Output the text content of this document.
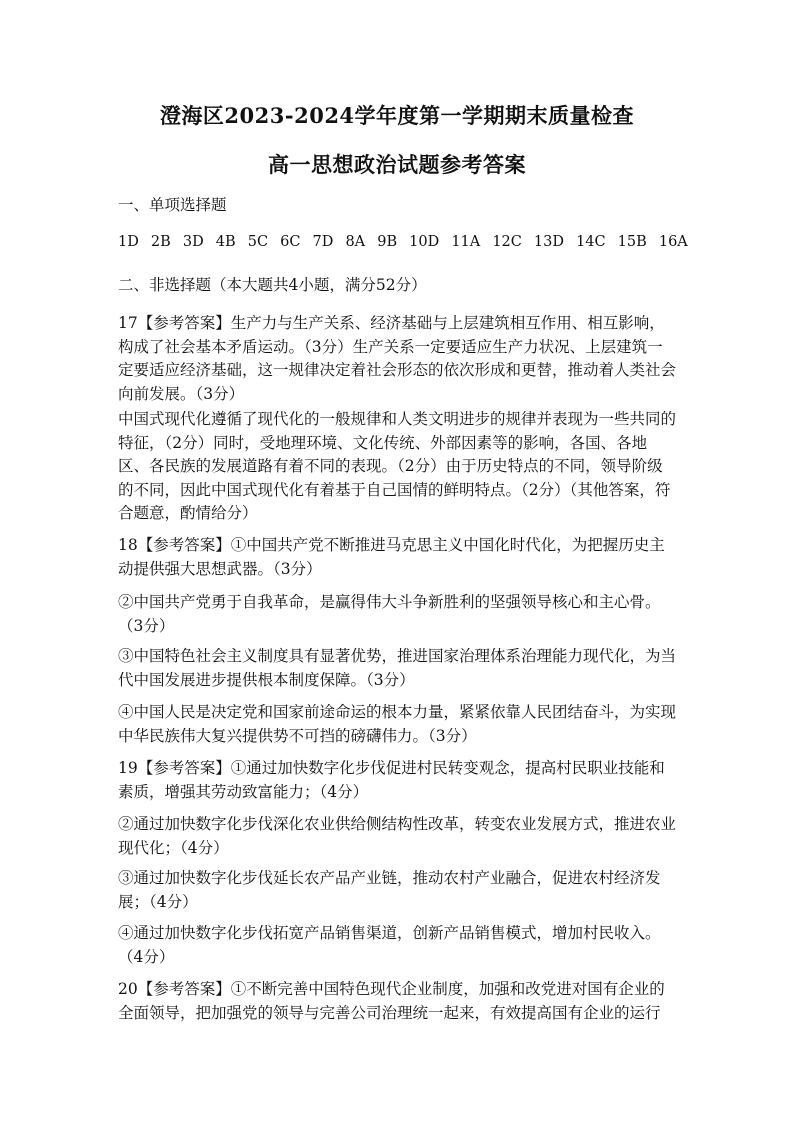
澄海区2023-2024学年度第一学期期末质量检查
高一思想政治试题参考答案

一、单项选择题

1D 2B 3D 4B 5C 6C 7D 8A 9B 10D 11A 12C 13D 14C 15B 16A

二、非选择题（本大题共4小题，满分52分）

17【参考答案】生产力与生产关系、经济基础与上层建筑相互作用、相互影响，构成了社会基本矛盾运动。（3分）生产关系一定要适应生产力状况、上层建筑一定要适应经济基础，这一规律决定着社会形态的依次形成和更替，推动着人类社会向前发展。（3分）

中国式现代化遵循了现代化的一般规律和人类文明进步的规律并表现为一些共同的特征，（2分）同时，受地理环境、文化传统、外部因素等的影响，各国、各地区、各民族的发展道路有着不同的表现。（2分）由于历史特点的不同，领导阶级的不同，因此中国式现代化有着基于自己国情的鲜明特点。（2分）（其他答案，符合题意，酌情给分）

18【参考答案】①中国共产党不断推进马克思主义中国化时代化，为把握历史主动提供强大思想武器。（3分）

②中国共产党勇于自我革命，是赢得伟大斗争新胜利的坚强领导核心和主心骨。（3分）

③中国特色社会主义制度具有显著优势，推进国家治理体系治理能力现代化，为当代中国发展进步提供根本制度保障。（3分）

④中国人民是决定党和国家前途命运的根本力量，紧紧依靠人民团结奋斗，为实现中华民族伟大复兴提供势不可挡的磅礴伟力。（3分）

19【参考答案】①通过加快数字化步伐促进村民转变观念，提高村民职业技能和素质，增强其劳动致富能力；（4分）

②通过加快数字化步伐深化农业供给侧结构性改革，转变农业发展方式，推进农业现代化；（4分）

③通过加快数字化步伐延长农产品产业链，推动农村产业融合，促进农村经济发展；（4分）

④通过加快数字化步伐拓宽产品销售渠道，创新产品销售模式，增加村民收入。（4分）

20【参考答案】①不断完善中国特色现代企业制度，加强和改党进对国有企业的全面领导，把加强党的领导与完善公司治理统一起来，有效提高国有企业的运行
